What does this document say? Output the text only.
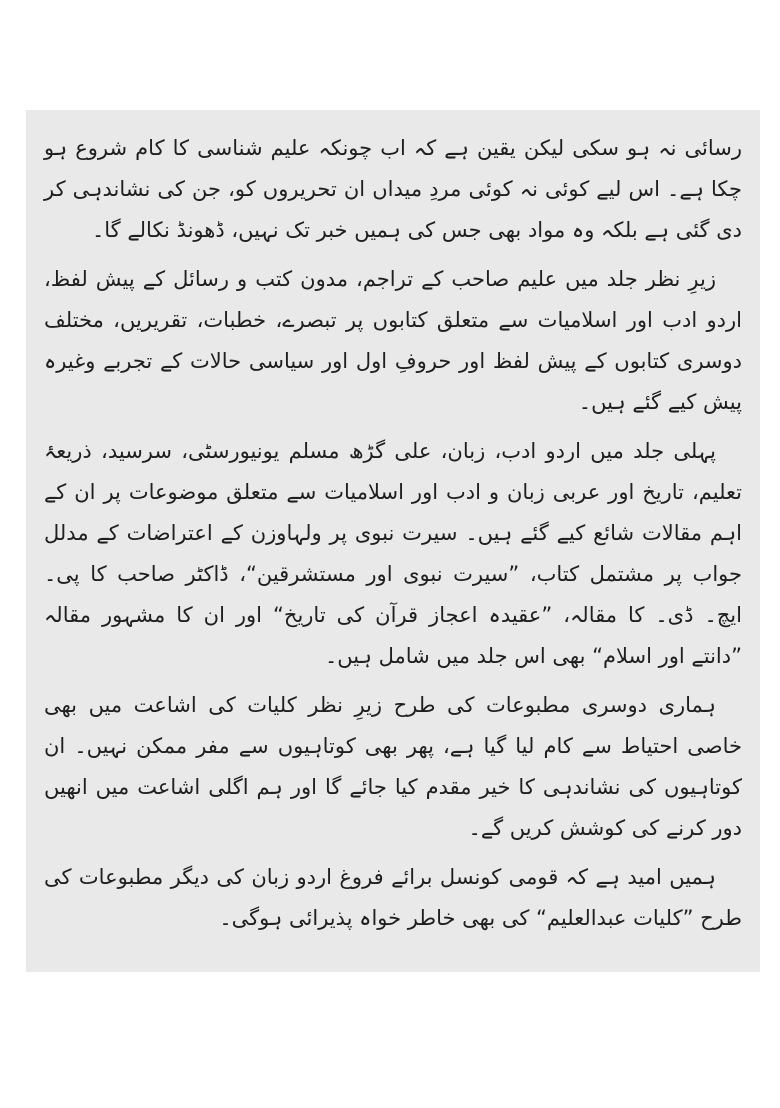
رسائی نہ ہو سکی لیکن یقین ہے کہ اب چونکہ علیم شناسی کا کام شروع ہو چکا ہے۔ اس لیے کوئی نہ کوئی مردِ میداں ان تحریروں کو، جن کی نشاندہی کر دی گئی ہے بلکہ وہ مواد بھی جس کی ہمیں خبر تک نہیں، ڈھونڈ نکالے گا۔

زیرِ نظر جلد میں علیم صاحب کے تراجم، مدون کتب و رسائل کے پیش لفظ، اردو ادب اور اسلامیات سے متعلق کتابوں پر تبصرے، خطبات، تقریریں، مختلف دوسری کتابوں کے پیش لفظ اور حروفِ اول اور سیاسی حالات کے تجربے وغیرہ پیش کیے گئے ہیں۔

پہلی جلد میں اردو ادب، زبان، علی گڑھ مسلم یونیورسٹی، سرسید، ذریعۂ تعلیم، تاریخ اور عربی زبان و ادب اور اسلامیات سے متعلق موضوعات پر ان کے اہم مقالات شائع کیے گئے ہیں۔ سیرت نبوی پر ولہاوزن کے اعتراضات کے مدلل جواب پر مشتمل کتاب، ”سیرت نبوی اور مستشرقین“، ڈاکٹر صاحب کا پی۔ ایچ۔ ڈی۔ کا مقالہ، ”عقیدہ اعجاز قرآن کی تاریخ“ اور ان کا مشہور مقالہ ”دانتے اور اسلام“ بھی اس جلد میں شامل ہیں۔

ہماری دوسری مطبوعات کی طرح زیرِ نظر کلیات کی اشاعت میں بھی خاصی احتیاط سے کام لیا گیا ہے، پھر بھی کوتاہیوں سے مفر ممکن نہیں۔ ان کوتاہیوں کی نشاندہی کا خیر مقدم کیا جائے گا اور ہم اگلی اشاعت میں انھیں دور کرنے کی کوشش کریں گے۔

ہمیں امید ہے کہ قومی کونسل برائے فروغ اردو زبان کی دیگر مطبوعات کی طرح ”کلیات عبدالعلیم“ کی بھی خاطر خواہ پذیرائی ہوگی۔
